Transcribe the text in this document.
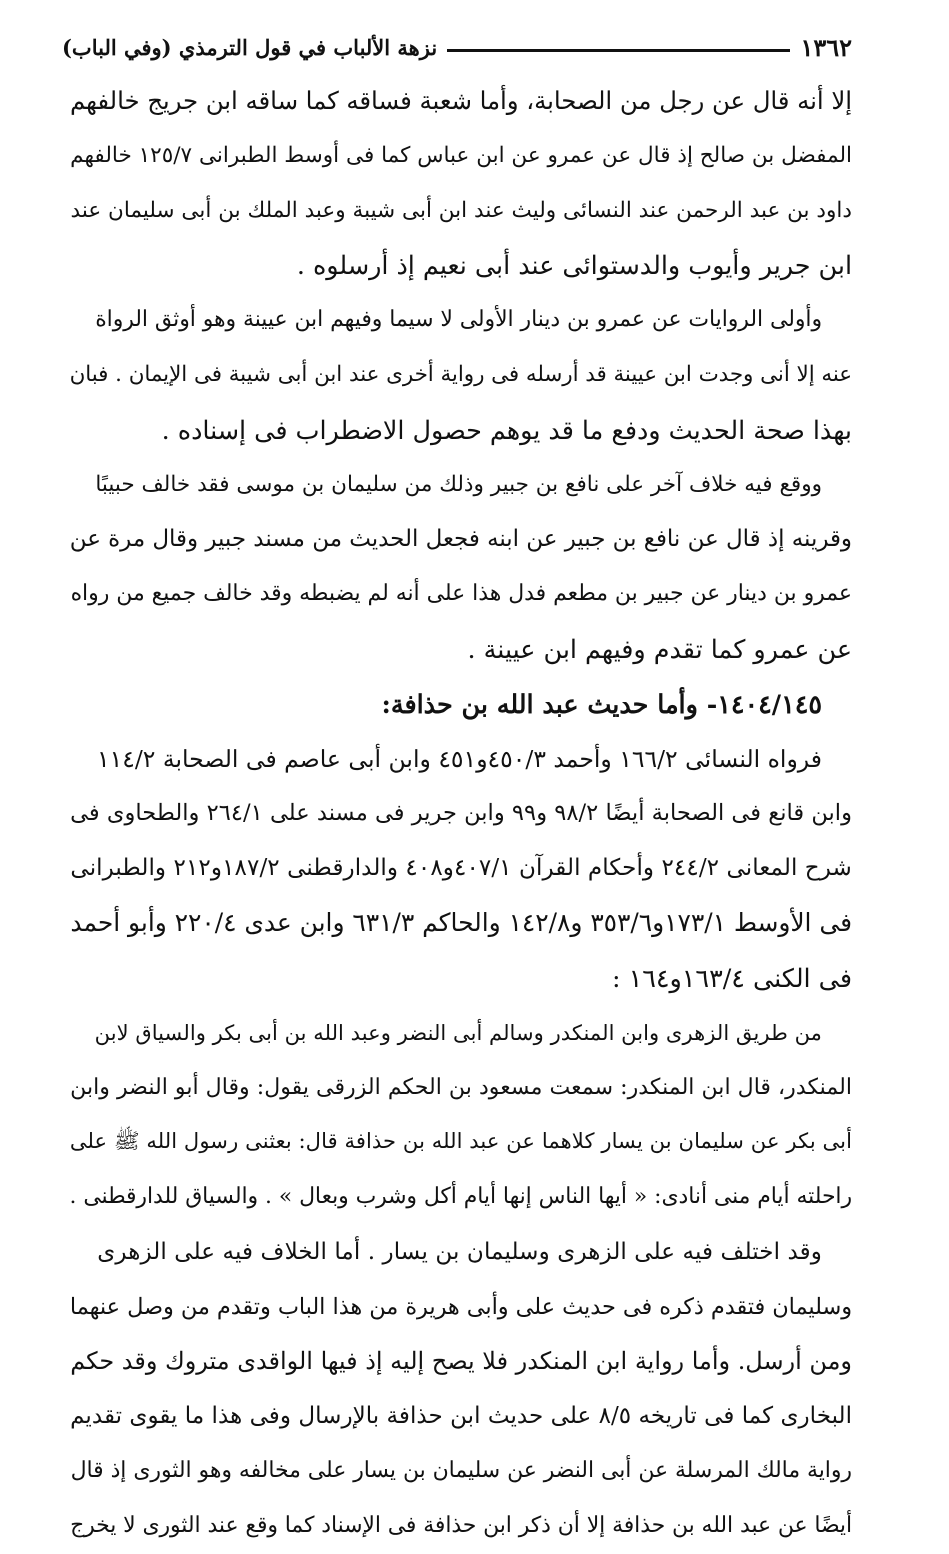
١٣٦٢
نزهة الألباب في قول الترمذي (وفي الباب)
إلا أنه قال عن رجل من الصحابة، وأما شعبة فساقه كما ساقه ابن جريج خالفهم
المفضل بن صالح إذ قال عن عمرو عن ابن عباس كما فى أوسط الطبرانى ١٢٥/٧ خالفهم
داود بن عبد الرحمن عند النسائى وليث عند ابن أبى شيبة وعبد الملك بن أبى سليمان عند
ابن جرير وأيوب والدستوائى عند أبى نعيم إذ أرسلوه .
وأولى الروايات عن عمرو بن دينار الأولى لا سيما وفيهم ابن عيينة وهو أوثق الرواة
عنه إلا أنى وجدت ابن عيينة قد أرسله فى رواية أخرى عند ابن أبى شيبة فى الإيمان . فبان
بهذا صحة الحديث ودفع ما قد يوهم حصول الاضطراب فى إسناده .
ووقع فيه خلاف آخر على نافع بن جبير وذلك من سليمان بن موسى فقد خالف حبيبًا
وقرينه إذ قال عن نافع بن جبير عن ابنه فجعل الحديث من مسند جبير وقال مرة عن
عمرو بن دينار عن جبير بن مطعم فدل هذا على أنه لم يضبطه وقد خالف جميع من رواه
عن عمرو كما تقدم وفيهم ابن عيينة .
١٤٠٤/١٤٥- وأما حديث عبد الله بن حذافة:
فرواه النسائى ١٦٦/٢ وأحمد ٤٥٠/٣و٤٥١ وابن أبى عاصم فى الصحابة ١١٤/٢
وابن قانع فى الصحابة أيضًا ٩٨/٢ و٩٩ وابن جرير فى مسند على ٢٦٤/١ والطحاوى فى
شرح المعانى ٢٤٤/٢ وأحكام القرآن ٤٠٧/١و٤٠٨ والدارقطنى ١٨٧/٢و٢١٢ والطبرانى
فى الأوسط ١٧٣/١و٣٥٣/٦ و١٤٢/٨ والحاكم ٦٣١/٣ وابن عدى ٢٢٠/٤ وأبو أحمد
فى الكنى ١٦٣/٤و١٦٤ :
من طريق الزهرى وابن المنكدر وسالم أبى النضر وعبد الله بن أبى بكر والسياق لابن
المنكدر، قال ابن المنكدر: سمعت مسعود بن الحكم الزرقى يقول: وقال أبو النضر وابن
أبى بكر عن سليمان بن يسار كلاهما عن عبد الله بن حذافة قال: بعثنى رسول الله ﷺ على
راحلته أيام منى أنادى: « أيها الناس إنها أيام أكل وشرب وبعال » . والسياق للدارقطنى .
وقد اختلف فيه على الزهرى وسليمان بن يسار . أما الخلاف فيه على الزهرى
وسليمان فتقدم ذكره فى حديث على وأبى هريرة من هذا الباب وتقدم من وصل عنهما
ومن أرسل. وأما رواية ابن المنكدر فلا يصح إليه إذ فيها الواقدى متروك وقد حكم
البخارى كما فى تاريخه ٨/٥ على حديث ابن حذافة بالإرسال وفى هذا ما يقوى تقديم
رواية مالك المرسلة عن أبى النضر عن سليمان بن يسار على مخالفه وهو الثورى إذ قال
أيضًا عن عبد الله بن حذافة إلا أن ذكر ابن حذافة فى الإسناد كما وقع عند الثورى لا يخرج
